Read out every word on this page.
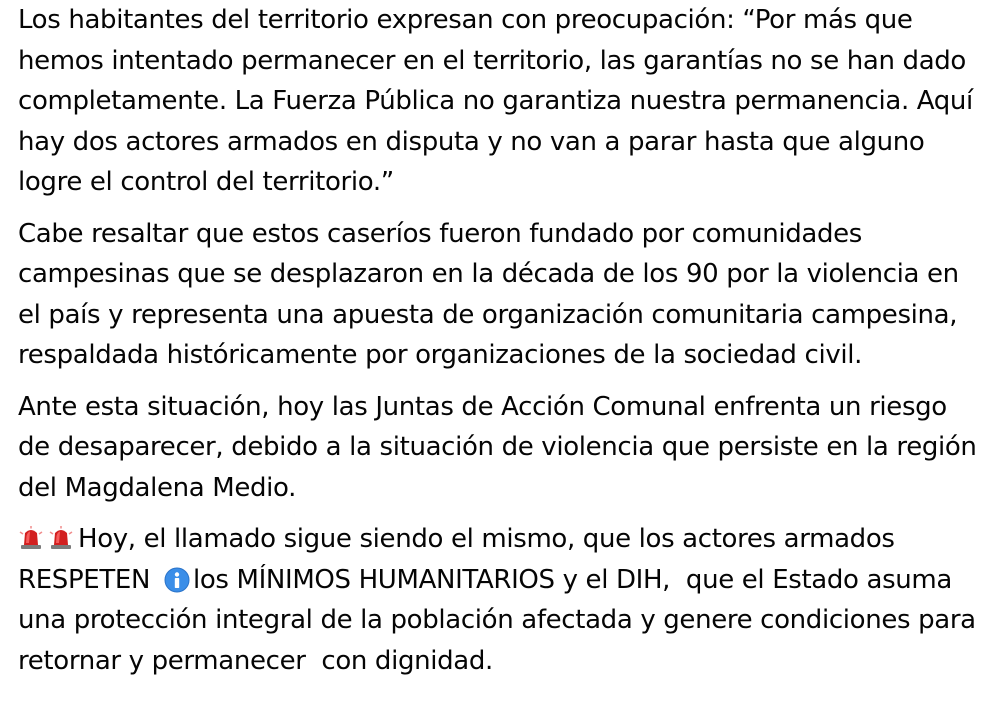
Los habitantes del territorio expresan con preocupación: “Por más que hemos intentado permanecer en el territorio, las garantías no se han dado completamente. La Fuerza Pública no garantiza nuestra permanencia. Aquí hay dos actores armados en disputa y no van a parar hasta que alguno logre el control del territorio.”

Cabe resaltar que estos caseríos fueron fundado por comunidades campesinas que se desplazaron en la década de los 90 por la violencia en el país y representa una apuesta de organización comunitaria campesina, respaldada históricamente por organizaciones de la sociedad civil.

Ante esta situación, hoy las Juntas de Acción Comunal enfrenta un riesgo de desaparecer, debido a la situación de violencia que persiste en la región del Magdalena Medio.

Hoy, el llamado sigue siendo el mismo, que los actores armados RESPETEN
los MÍNIMOS HUMANITARIOS y el DIH,  que el Estado asuma una protección integral de la población afectada y genere condiciones para retornar y permanecer  con dignidad.
